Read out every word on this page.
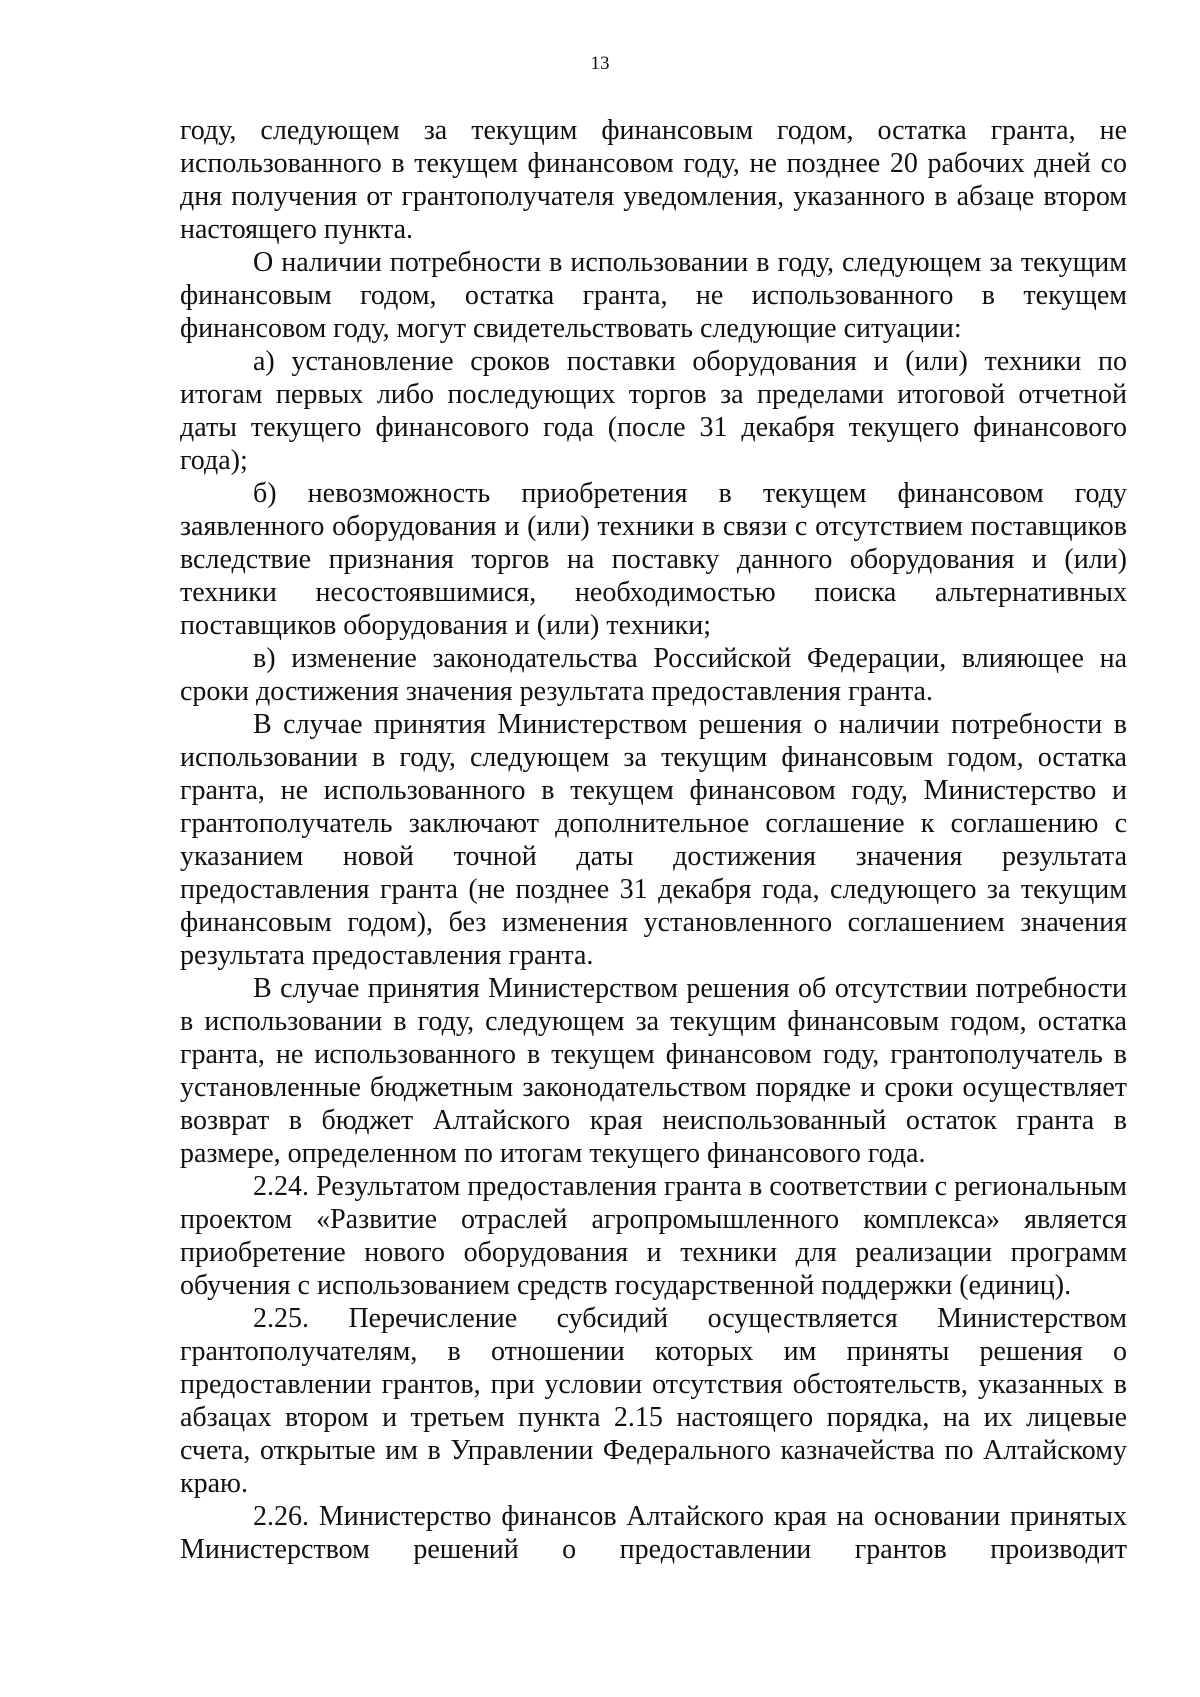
13

году, следующем за текущим финансовым годом, остатка гранта, не использованного в текущем финансовом году, не позднее 20 рабочих дней со дня получения от грантополучателя уведомления, указанного в абзаце втором настоящего пункта.

О наличии потребности в использовании в году, следующем за текущим финансовым годом, остатка гранта, не использованного в текущем финансовом году, могут свидетельствовать следующие ситуации:

а) установление сроков поставки оборудования и (или) техники по итогам первых либо последующих торгов за пределами итоговой отчетной даты текущего финансового года (после 31 декабря текущего финансового года);

б) невозможность приобретения в текущем финансовом году заявленного оборудования и (или) техники в связи с отсутствием поставщиков вследствие признания торгов на поставку данного оборудования и (или) техники несостоявшимися, необходимостью поиска альтернативных поставщиков оборудования и (или) техники;

в) изменение законодательства Российской Федерации, влияющее на сроки достижения значения результата предоставления гранта.

В случае принятия Министерством решения о наличии потребности в использовании в году, следующем за текущим финансовым годом, остатка гранта, не использованного в текущем финансовом году, Министерство и грантополучатель заключают дополнительное соглашение к соглашению с указанием новой точной даты достижения значения результата предоставления гранта (не позднее 31 декабря года, следующего за текущим финансовым годом), без изменения установленного соглашением значения результата предоставления гранта.

В случае принятия Министерством решения об отсутствии потребности в использовании в году, следующем за текущим финансовым годом, остатка гранта, не использованного в текущем финансовом году, грантополучатель в установленные бюджетным законодательством порядке и сроки осуществляет возврат в бюджет Алтайского края неиспользованный остаток гранта в размере, определенном по итогам текущего финансового года.

2.24. Результатом предоставления гранта в соответствии с региональным проектом «Развитие отраслей агропромышленного комплекса» является приобретение нового оборудования и техники для реализации программ обучения с использованием средств государственной поддержки (единиц).

2.25. Перечисление субсидий осуществляется Министерством грантополучателям, в отношении которых им приняты решения о предоставлении грантов, при условии отсутствия обстоятельств, указанных в абзацах втором и третьем пункта 2.15 настоящего порядка, на их лицевые счета, открытые им в Управлении Федерального казначейства по Алтайскому краю.

2.26. Министерство финансов Алтайского края на основании принятых Министерством решений о предоставлении грантов производит
